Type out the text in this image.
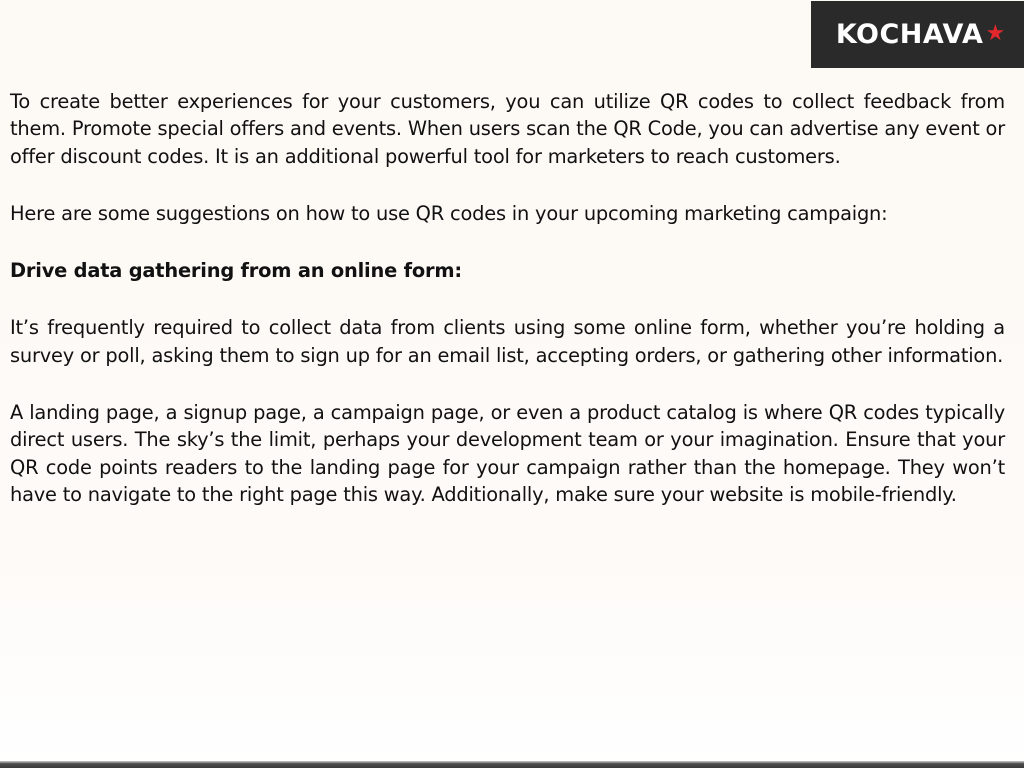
KOCHAVA ★

To create better experiences for your customers, you can utilize QR codes to collect feedback from them. Promote special offers and events. When users scan the QR Code, you can advertise any event or offer discount codes. It is an additional powerful tool for marketers to reach customers.

Here are some suggestions on how to use QR codes in your upcoming marketing campaign:

Drive data gathering from an online form:

It’s frequently required to collect data from clients using some online form, whether you’re holding a survey or poll, asking them to sign up for an email list, accepting orders, or gathering other information.

A landing page, a signup page, a campaign page, or even a product catalog is where QR codes typically direct users. The sky’s the limit, perhaps your development team or your imagination. Ensure that your QR code points readers to the landing page for your campaign rather than the homepage. They won’t have to navigate to the right page this way. Additionally, make sure your website is mobile-friendly.
